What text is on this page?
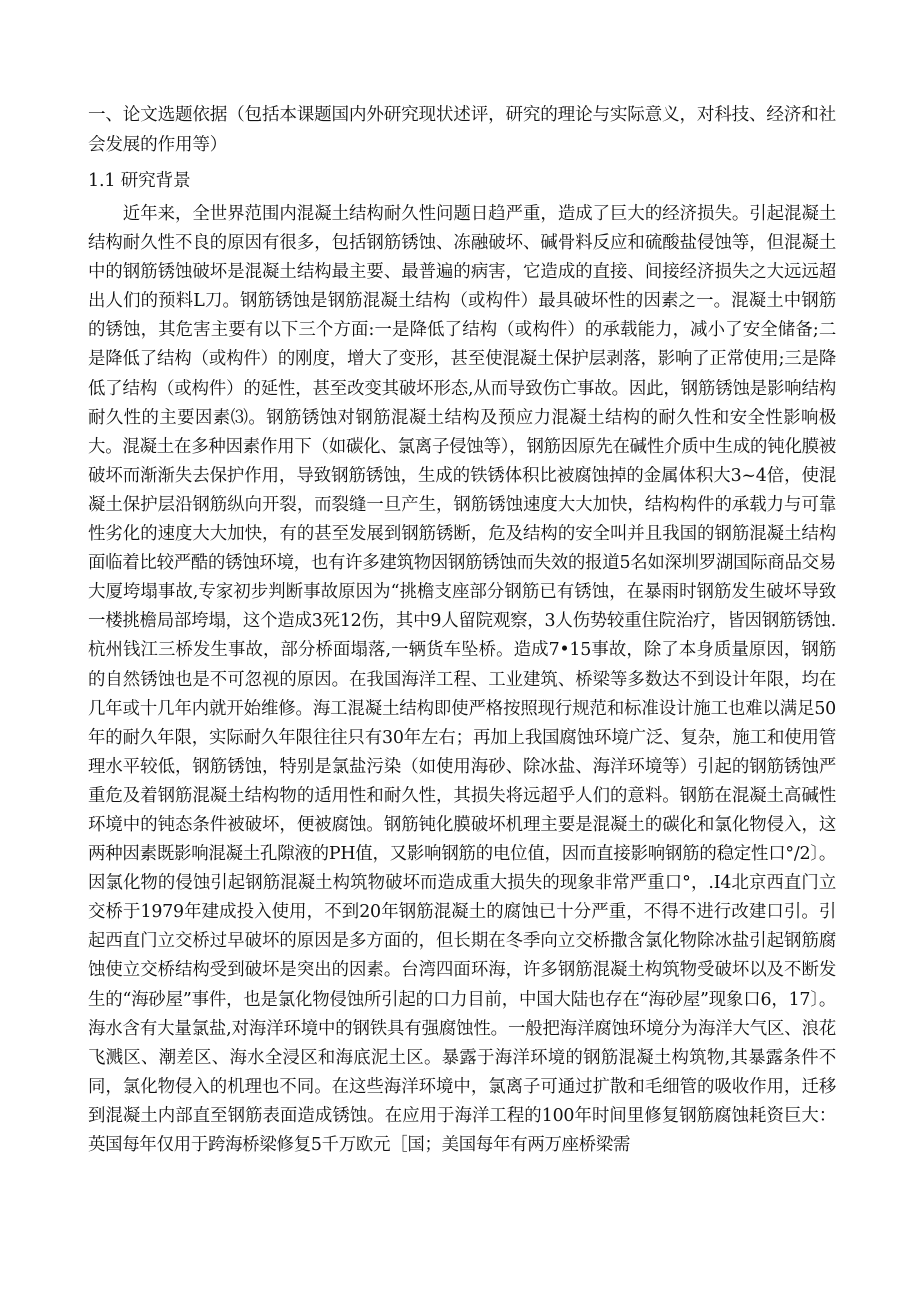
一、论文选题依据（包括本课题国内外研究现状述评，研究的理论与实际意义，对科技、经济和社会发展的作用等）

1.1 研究背景

近年来，全世界范围内混凝土结构耐久性问题日趋严重，造成了巨大的经济损失。引起混凝土结构耐久性不良的原因有很多，包括钢筋锈蚀、冻融破坏、碱骨料反应和硫酸盐侵蚀等，但混凝土中的钢筋锈蚀破坏是混凝土结构最主要、最普遍的病害，它造成的直接、间接经济损失之大远远超出人们的预料L刀。钢筋锈蚀是钢筋混凝土结构（或构件）最具破坏性的因素之一。混凝土中钢筋的锈蚀，其危害主要有以下三个方面:一是降低了结构（或构件）的承载能力，减小了安全储备;二是降低了结构（或构件）的刚度，增大了变形，甚至使混凝土保护层剥落，影响了正常使用;三是降低了结构（或构件）的延性，甚至改变其破坏形态,从而导致伤亡事故。因此，钢筋锈蚀是影响结构耐久性的主要因素⑶。钢筋锈蚀对钢筋混凝土结构及预应力混凝土结构的耐久性和安全性影响极大。混凝土在多种因素作用下（如碳化、氯离子侵蚀等），钢筋因原先在碱性介质中生成的钝化膜被破坏而渐渐失去保护作用，导致钢筋锈蚀，生成的铁锈体积比被腐蚀掉的金属体积大3~4倍，使混凝土保护层沿钢筋纵向开裂，而裂缝一旦产生，钢筋锈蚀速度大大加快，结构构件的承载力与可靠性劣化的速度大大加快，有的甚至发展到钢筋锈断，危及结构的安全叫并且我国的钢筋混凝土结构面临着比较严酷的锈蚀环境，也有许多建筑物因钢筋锈蚀而失效的报道5名如深圳罗湖国际商品交易大厦垮塌事故,专家初步判断事故原因为“挑檐支座部分钢筋已有锈蚀，在暴雨时钢筋发生破坏导致一楼挑檐局部垮塌，这个造成3死12伤，其中9人留院观察，3人伤势较重住院治疗，皆因钢筋锈蚀.杭州钱江三桥发生事故，部分桥面塌落,一辆货车坠桥。造成7•15事故，除了本身质量原因，钢筋的自然锈蚀也是不可忽视的原因。在我国海洋工程、工业建筑、桥梁等多数达不到设计年限，均在几年或十几年内就开始维修。海工混凝土结构即使严格按照现行规范和标准设计施工也难以满足50年的耐久年限，实际耐久年限往往只有30年左右；再加上我国腐蚀环境广泛、复杂，施工和使用管理水平较低，钢筋锈蚀，特别是氯盐污染（如使用海砂、除冰盐、海洋环境等）引起的钢筋锈蚀严重危及着钢筋混凝土结构物的适用性和耐久性，其损失将远超乎人们的意料。钢筋在混凝土高碱性环境中的钝态条件被破坏，便被腐蚀。钢筋钝化膜破坏机理主要是混凝土的碳化和氯化物侵入，这两种因素既影响混凝土孔隙液的PH值，又影响钢筋的电位值，因而直接影响钢筋的稳定性口°/2〕。因氯化物的侵蚀引起钢筋混凝土构筑物破坏而造成重大损失的现象非常严重口°，.I4北京西直门立交桥于1979年建成投入使用，不到20年钢筋混凝土的腐蚀已十分严重，不得不进行改建口引。引起西直门立交桥过早破坏的原因是多方面的，但长期在冬季向立交桥撒含氯化物除冰盐引起钢筋腐蚀使立交桥结构受到破坏是突出的因素。台湾四面环海，许多钢筋混凝土构筑物受破坏以及不断发生的“海砂屋”事件，也是氯化物侵蚀所引起的口力目前，中国大陆也存在“海砂屋”现象口6，17〕。海水含有大量氯盐,对海洋环境中的钢铁具有强腐蚀性。一般把海洋腐蚀环境分为海洋大气区、浪花飞溅区、潮差区、海水全浸区和海底泥土区。暴露于海洋环境的钢筋混凝土构筑物,其暴露条件不同，氯化物侵入的机理也不同。在这些海洋环境中，氯离子可通过扩散和毛细管的吸收作用，迁移到混凝土内部直至钢筋表面造成锈蚀。在应用于海洋工程的100年时间里修复钢筋腐蚀耗资巨大：英国每年仅用于跨海桥梁修复5千万欧元［国；美国每年有两万座桥梁需
